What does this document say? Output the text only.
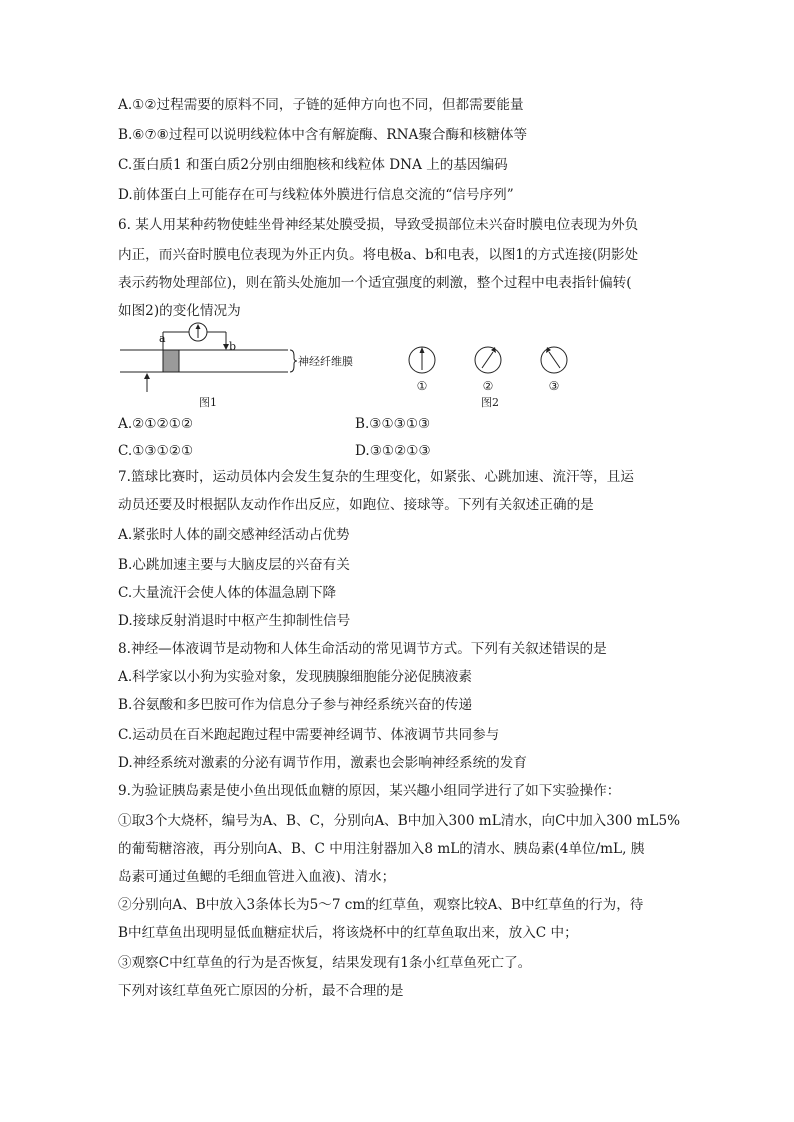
A.①②过程需要的原料不同，子链的延伸方向也不同，但都需要能量
B.⑥⑦⑧过程可以说明线粒体中含有解旋酶、RNA聚合酶和核糖体等
C.蛋白质1 和蛋白质2分别由细胞核和线粒体 DNA 上的基因编码
D.前体蛋白上可能存在可与线粒体外膜进行信息交流的“信号序列”
6. 某人用某种药物使蛙坐骨神经某处膜受损，导致受损部位未兴奋时膜电位表现为外负
内正，而兴奋时膜电位表现为外正内负。将电极a、b和电表，以图1的方式连接(阴影处
表示药物处理部位)，则在箭头处施加一个适宜强度的刺激，整个过程中电表指针偏转(
如图2)的变化情况为
a
b
神经纤维膜
图1
①	②	③
图2
A.②①②①②	B.③①③①③
C.①③①②①	D.③①②①③
7.篮球比赛时，运动员体内会发生复杂的生理变化，如紧张、心跳加速、流汗等，且运
动员还要及时根据队友动作作出反应，如跑位、接球等。下列有关叙述正确的是
A.紧张时人体的副交感神经活动占优势
B.心跳加速主要与大脑皮层的兴奋有关
C.大量流汗会使人体的体温急剧下降
D.接球反射消退时中枢产生抑制性信号
8.神经—体液调节是动物和人体生命活动的常见调节方式。下列有关叙述错误的是
A.科学家以小狗为实验对象，发现胰腺细胞能分泌促胰液素
B.谷氨酸和多巴胺可作为信息分子参与神经系统兴奋的传递
C.运动员在百米跑起跑过程中需要神经调节、体液调节共同参与
D.神经系统对激素的分泌有调节作用，激素也会影响神经系统的发育
9.为验证胰岛素是使小鱼出现低血糖的原因，某兴趣小组同学进行了如下实验操作：
①取3个大烧杯，编号为A、B、C，分别向A、B中加入300 mL清水，向C中加入300 mL5%
的葡萄糖溶液，再分别向A、B、C 中用注射器加入8 mL的清水、胰岛素(4单位/mL, 胰
岛素可通过鱼鳃的毛细血管进入血液)、清水；
②分别向A、B中放入3条体长为5～7 cm的红草鱼，观察比较A、B中红草鱼的行为，待
B中红草鱼出现明显低血糖症状后，将该烧杯中的红草鱼取出来，放入C 中；
③观察C中红草鱼的行为是否恢复，结果发现有1条小红草鱼死亡了。
下列对该红草鱼死亡原因的分析，最不合理的是
